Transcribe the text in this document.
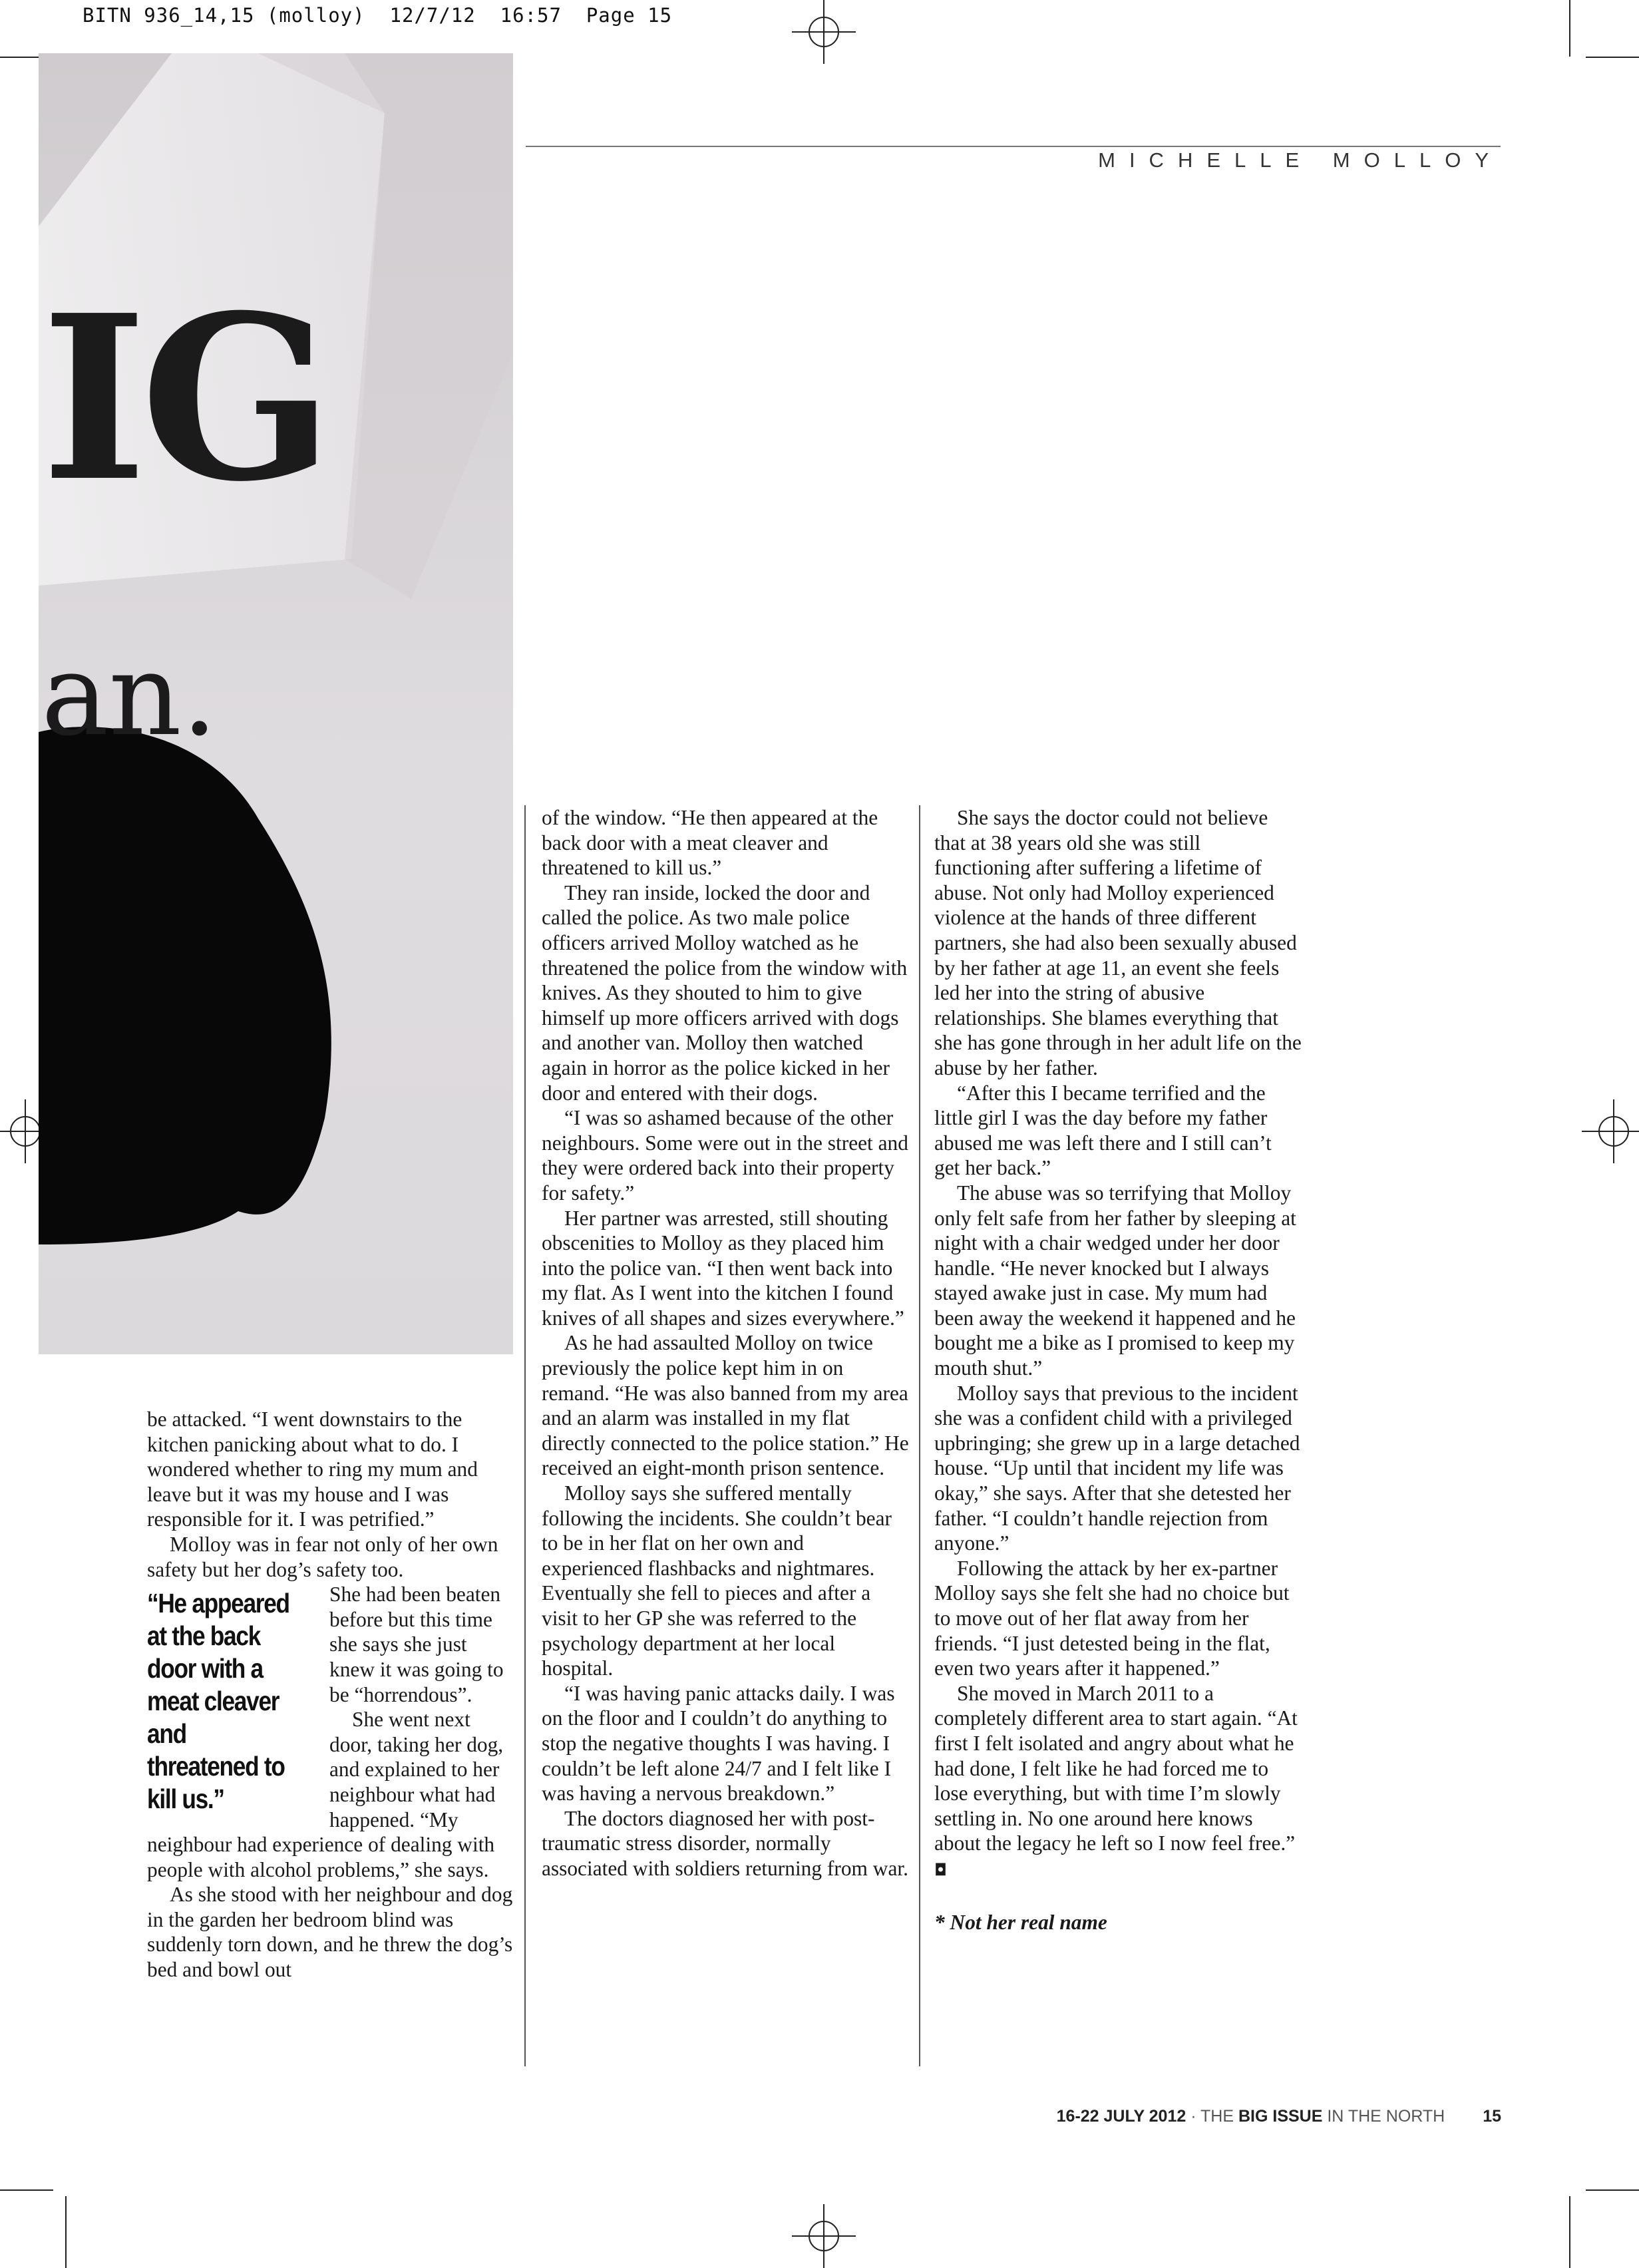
BITN 936_14,15 (molloy)  12/7/12  16:57  Page 15
IG
an.
MICHELLE MOLLOY

be attacked. “I went downstairs to the kitchen panicking about what to do. I wondered whether to ring my mum and leave but it was my house and I was responsible for it. I was petrified.”

Molloy was in fear not only of her own safety but her dog’s safety too.

“He appeared at the back door with a meat cleaver and threatened to kill us.”

She had been beaten before but this time she says she just knew it was going to be “horrendous”.

She went next door, taking her dog, and explained to her neighbour what had happened. “My neighbour had experience of dealing with people with alcohol problems,” she says.

As she stood with her neighbour and dog in the garden her bedroom blind was suddenly torn down, and he threw the dog’s bed and bowl out

of the window. “He then appeared at the back door with a meat cleaver and threatened to kill us.”

They ran inside, locked the door and called the police. As two male police officers arrived Molloy watched as he threatened the police from the window with knives. As they shouted to him to give himself up more officers arrived with dogs and another van. Molloy then watched again in horror as the police kicked in her door and entered with their dogs.

“I was so ashamed because of the other neighbours. Some were out in the street and they were ordered back into their property for safety.”

Her partner was arrested, still shouting obscenities to Molloy as they placed him into the police van. “I then went back into my flat. As I went into the kitchen I found knives of all shapes and sizes everywhere.”

As he had assaulted Molloy on twice previously the police kept him in on remand. “He was also banned from my area and an alarm was installed in my flat directly connected to the police station.” He received an eight-month prison sentence.

Molloy says she suffered mentally following the incidents. She couldn’t bear to be in her flat on her own and experienced flashbacks and nightmares. Eventually she fell to pieces and after a visit to her GP she was referred to the psychology department at her local hospital.

“I was having panic attacks daily. I was on the floor and I couldn’t do anything to stop the negative thoughts I was having. I couldn’t be left alone 24/7 and I felt like I was having a nervous breakdown.”

The doctors diagnosed her with post-traumatic stress disorder, normally associated with soldiers returning from war.

She says the doctor could not believe that at 38 years old she was still functioning after suffering a lifetime of abuse. Not only had Molloy experienced violence at the hands of three different partners, she had also been sexually abused by her father at age 11, an event she feels led her into the string of abusive relationships. She blames everything that she has gone through in her adult life on the abuse by her father.

“After this I became terrified and the little girl I was the day before my father abused me was left there and I still can’t get her back.”

The abuse was so terrifying that Molloy only felt safe from her father by sleeping at night with a chair wedged under her door handle. “He never knocked but I always stayed awake just in case. My mum had been away the weekend it happened and he bought me a bike as I promised to keep my mouth shut.”

Molloy says that previous to the incident she was a confident child with a privileged upbringing; she grew up in a large detached house. “Up until that incident my life was okay,” she says. After that she detested her father. “I couldn’t handle rejection from anyone.”

Following the attack by her ex-partner Molloy says she felt she had no choice but to move out of her flat away from her friends. “I just detested being in the flat, even two years after it happened.”

She moved in March 2011 to a completely different area to start again. “At first I felt isolated and angry about what he had done, I felt like he had forced me to lose everything, but with time I’m slowly settling in. No one around here knows about the legacy he left so I now feel free.” ◘

* Not her real name

16-22 JULY 2012 · THE BIG ISSUE IN THE NORTH 15
